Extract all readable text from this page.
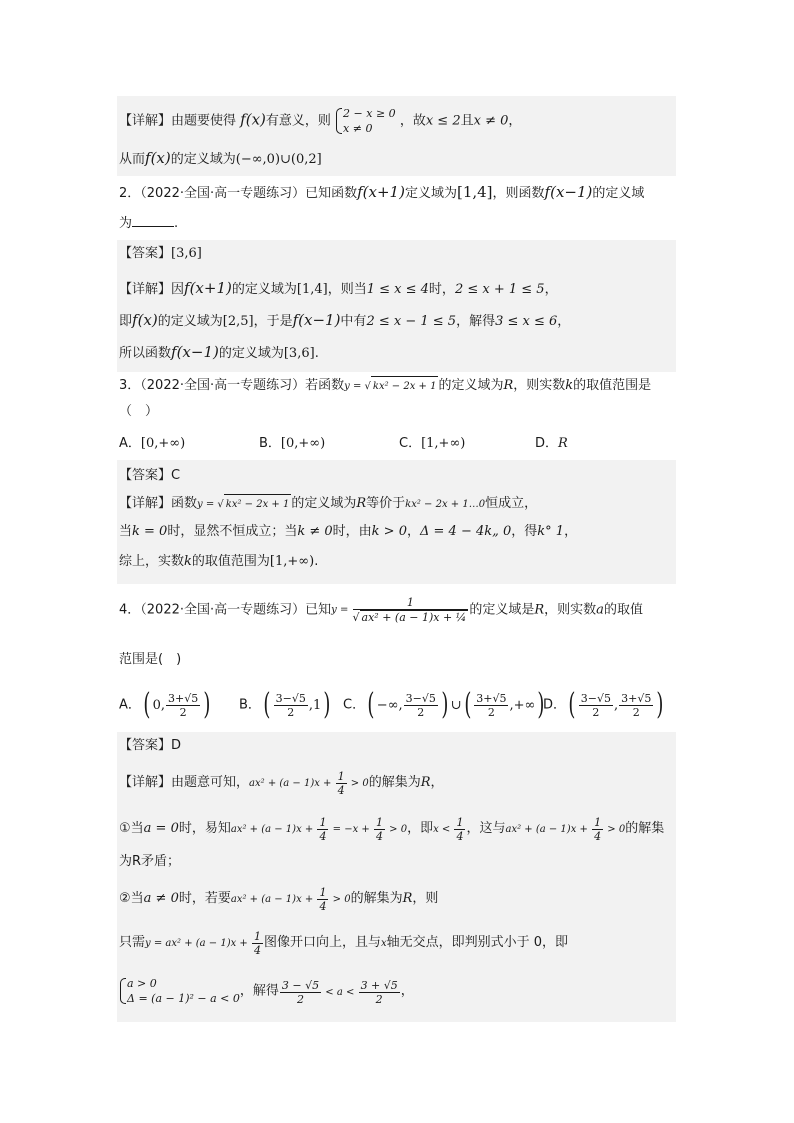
【详解】由题要使得 f(x)有意义，则 2 − x ≥ 0
x ≠ 0 ，故x ≤ 2且x ≠ 0，
从而f(x)的定义域为(−∞,0)∪(0,2]
2．（2022·全国·高一专题练习）已知函数f(x+1)定义域为[1,4]，则函数f(x−1)的定义域
为	.
【答案】[3,6]
【详解】因f(x+1)的定义域为[1,4]，则当1 ≤ x ≤ 4时，2 ≤ x + 1 ≤ 5，
即f(x)的定义域为[2,5]，于是f(x−1)中有2 ≤ x − 1 ≤ 5，解得3 ≤ x ≤ 6，
所以函数f(x−1)的定义域为[3,6].
3．（2022·全国·高一专题练习）若函数y = √ kx² − 2x + 1 的定义域为R，则实数k的取值范围是
（　）
A．[0,+∞)	B．[0,+∞)	C．[1,+∞)	D．R
【答案】C
【详解】函数y = √ kx² − 2x + 1 的定义域为R等价于kx² − 2x + 1…0恒成立，
当k = 0时，显然不恒成立；当k ≠ 0时，由k > 0，Δ = 4 − 4k„ 0，得k° 1，
综上，实数k的取值范围为[1,+∞).
4．（2022·全国·高一专题练习）已知$y = \frac{1}{\text{√ ax² + (a − 1)x + ¼}}$ 的定义域是R，则实数a的取值
范围是(　)
A．( 0, $\frac{3+√5}{2}$ ) B．( $\frac{3-√5}{2} ,1$) C．( −∞, $\frac{3-√5}{2}$ ) ∪( $\frac{3+√5}{2}$ ,+∞)
D．( $\frac{3-√5}{2}$ , $\frac{3+√5}{2}$ )
【答案】D
【详解】由题意可知，$ax^2 + (a - 1)x + \frac{1}{4} > 0$的解集为R，
①当a = 0时，易知$ax^2 + (a - 1)x + \frac{1}{4} = -x + \frac{1}{4} > 0$，即$x < \frac{1}{4}$ ，这与$ax^2 + (a - 1)x + \frac{1}{4} > 0$的解集
为R矛盾；
②当a ≠ 0时，若要$ax^2 + (a - 1)x + \frac{1}{4} > 0$的解集为R，则
只需$y = ax^2 + (a - 1)x + \frac{1}{4}$ 图像开口向上，且与x轴无交点，即判别式小于 0，即
a > 0
Δ = (a − 1)² − a < 0，解得 $\frac{3 - √5}{2} < a < \frac{3 + √5}{2}$ ，
